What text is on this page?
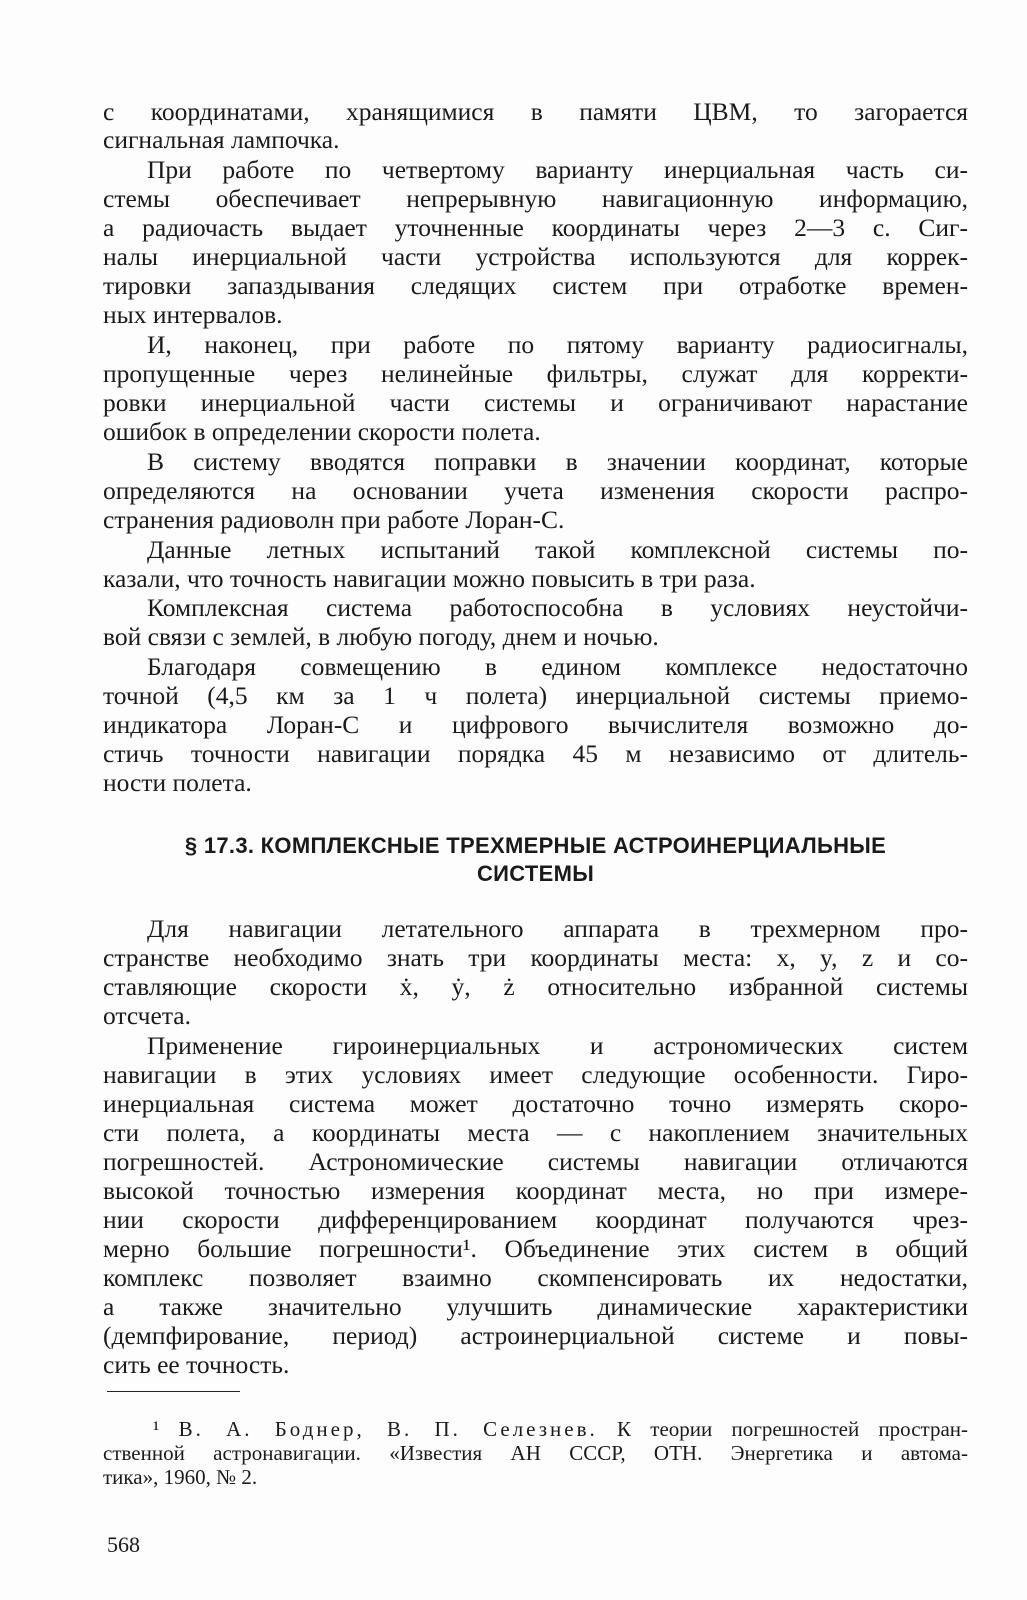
с координатами, хранящимися в памяти ЦВМ, то загорается
сигнальная лампочка.
При работе по четвертому варианту инерциальная часть си-
стемы обеспечивает непрерывную навигационную информацию,
а радиочасть выдает уточненные координаты через 2—3 с. Сиг-
налы инерциальной части устройства используются для коррек-
тировки запаздывания следящих систем при отработке времен-
ных интервалов.
И, наконец, при работе по пятому варианту радиосигналы,
пропущенные через нелинейные фильтры, служат для корректи-
ровки инерциальной части системы и ограничивают нарастание
ошибок в определении скорости полета.
В систему вводятся поправки в значении координат, которые
определяются на основании учета изменения скорости распро-
странения радиоволн при работе Лоран-С.
Данные летных испытаний такой комплексной системы по-
казали, что точность навигации можно повысить в три раза.
Комплексная система работоспособна в условиях неустойчи-
вой связи с землей, в любую погоду, днем и ночью.
Благодаря совмещению в едином комплексе недостаточно
точной (4,5 км за 1 ч полета) инерциальной системы приемо-
индикатора Лоран-С и цифрового вычислителя возможно до-
стичь точности навигации порядка 45 м независимо от длитель-
ности полета.
§ 17.3. КОМПЛЕКСНЫЕ ТРЕХМЕРНЫЕ АСТРОИНЕРЦИАЛЬНЫЕ
СИСТЕМЫ
Для навигации летательного аппарата в трехмерном про-
странстве необходимо знать три координаты места: x, y, z и со-
ставляющие скорости ẋ, ẏ, ż относительно избранной системы
отсчета.
Применение гироинерциальных и астрономических систем
навигации в этих условиях имеет следующие особенности. Гиро-
инерциальная система может достаточно точно измерять скоро-
сти полета, а координаты места — с накоплением значительных
погрешностей. Астрономические системы навигации отличаются
высокой точностью измерения координат места, но при измере-
нии скорости дифференцированием координат получаются чрез-
мерно большие погрешности¹. Объединение этих систем в общий
комплекс позволяет взаимно скомпенсировать их недостатки,
а также значительно улучшить динамические характеристики
(демпфирование, период) астроинерциальной системе и повы-
сить ее точность.
¹ В. А. Боднер, В. П. Селезнев. К теории погрешностей простран-
ственной астронавигации. «Известия АН СССР, ОТН. Энергетика и автома-
тика», 1960, № 2.
568
